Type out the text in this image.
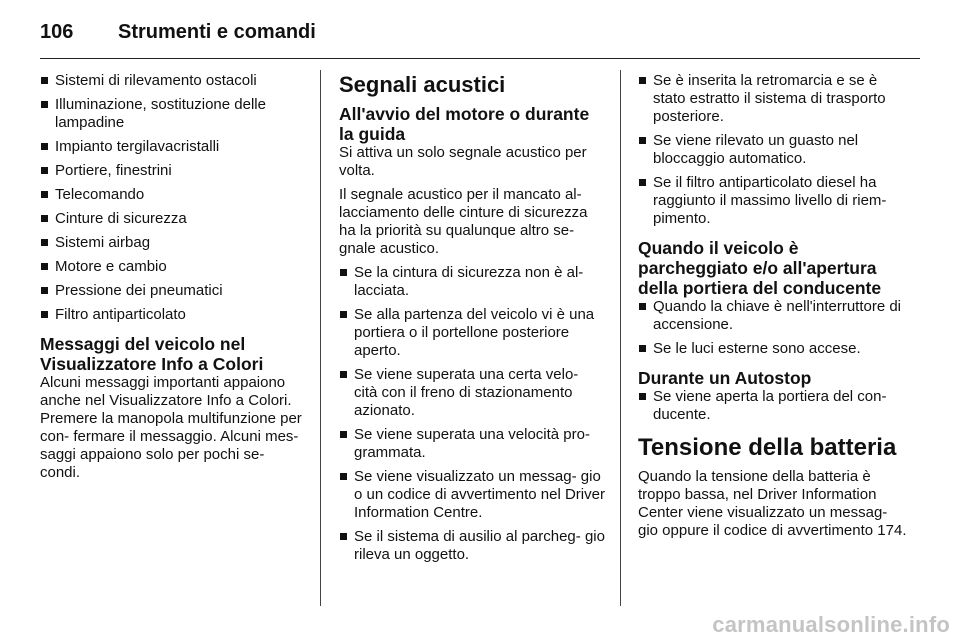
106	Strumenti e comandi
Sistemi di rilevamento ostacoli
Illuminazione, sostituzione delle lampadine
Impianto tergilavacristalli
Portiere, finestrini
Telecomando
Cinture di sicurezza
Sistemi airbag
Motore e cambio
Pressione dei pneumatici
Filtro antiparticolato
Messaggi del veicolo nel Visualizzatore Info a Colori

Alcuni messaggi importanti appaiono anche nel Visualizzatore Info a Colori. Premere la manopola multifunzione per con- fermare il messaggio. Alcuni mes- saggi appaiono solo per pochi se- condi.

Segnali acustici
All'avvio del motore o durante la guida

Si attiva un solo segnale acustico per volta.

Il segnale acustico per il mancato al- lacciamento delle cinture di sicurezza ha la priorità su qualunque altro se- gnale acustico.

Se la cintura di sicurezza non è al- lacciata.
Se alla partenza del veicolo vi è una portiera o il portellone posteriore aperto.
Se viene superata una certa velo- cità con il freno di stazionamento azionato.
Se viene superata una velocità pro- grammata.
Se viene visualizzato un messag- gio o un codice di avvertimento nel Driver Information Centre.
Se il sistema di ausilio al parcheg- gio rileva un oggetto.
Se è inserita la retromarcia e se è stato estratto il sistema di trasporto posteriore.
Se viene rilevato un guasto nel bloccaggio automatico.
Se il filtro antiparticolato diesel ha raggiunto il massimo livello di riem- pimento.
Quando il veicolo è parcheggiato e/o all'apertura della portiera del conducente
Quando la chiave è nell'interruttore di accensione.
Se le luci esterne sono accese.
Durante un Autostop
Se viene aperta la portiera del con- ducente.
Tensione della batteria

Quando la tensione della batteria è troppo bassa, nel Driver Information Center viene visualizzato un messag- gio oppure il codice di avvertimento 174.

carmanualsonline.info
